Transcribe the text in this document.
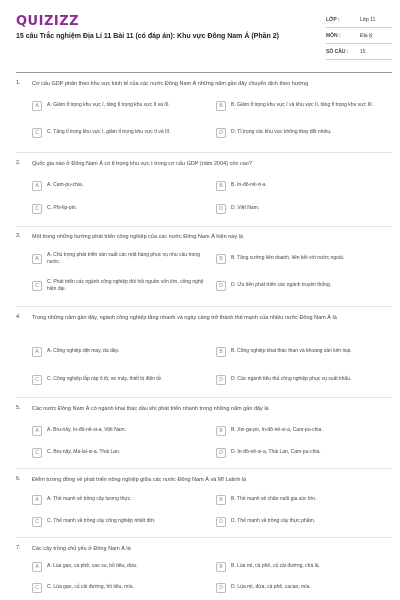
QUIZIZZ
15 câu Trắc nghiệm Địa Lí 11 Bài 11 (có đáp án): Khu vực Đông Nam Á (Phần 2)
LỚP :	Lớp 11
MÔN :	Địa lý
SỐ CÂU :	15
1. Cơ cấu GDP phân theo khu vực kinh tế của các nước Đông Nam Á những năm gần đây chuyển dịch theo hướng
A	A. Giảm tỉ trọng khu vực I, tăng tỉ trọng khu vực II và III.	B	B. Giảm tỉ trọng khu vực I và khu vực II, tăng tỉ trọng khu vực III.
C	C. Tăng tỉ trọng khu vực I, giảm tỉ trọng khu vực II và III.	D	D. Tỉ trọng các khu vực không thay đổi nhiều.
2. Quốc gia nào ở Đông Nam Á có tỉ trọng khu vực I trong cơ cấu GDP (năm 2004) còn cao?
A	A. Cam-pu-chia.	B	B. In-đô-nê-xi-a.
C	C. Phi-lip-pin.	D	D. Việt Nam.
3. Một trong những hướng phát triển công nghiệp của các nước Đông Nam Á hiện nay là
A
A. Chú trọng phát triển sản xuất các mặt hàng phục vụ nhu cầu trong nước.	B	B. Tăng cường liên doanh, liên kết với nước ngoài.
C
C. Phát triển các ngành công nghiệp đòi hỏi nguồn vốn lớn, công nghệ hiện đại.	D	D. Ưu tiên phát triển các ngành truyền thống.
4. Trong những năm gần đây, ngành công nghiệp tăng nhanh và ngày càng trở thành thế mạnh của nhiều nước Đông Nam Á là
A	A. Công nghiệp dệt may, da dày.	B	B. Công nghiệp khai thác than và khoáng sản kim loại.
C	C. Công nghiệp lắp ráp ô tô, xe máy, thiết bị điện tử.	D	D. Các ngành tiểu thủ công nghiệp phục vụ xuất khẩu.
5. Các nước Đông Nam Á có ngành khai thác dầu khí phát triển nhanh trong những năm gần đây là
A	A. Bru-nây, In-đô-nê-xi-a, Việt Nam.	B	B. Xin-ga-po, In-đô-nê-xi-a, Cam-pu-chia.
C	C. Bru-nây, Ma-lai-xi-a, Thái Lan.	D	D. In-đô-nê-xi-a, Thái Lan, Cam-pu-chia.
6. Điểm tương đồng về phát triển nông nghiệp giữa các nước Đông Nam Á và Mĩ Latinh là
A	A. Thế mạnh về trồng cây lương thực.	B	B. Thế mạnh về chăn nuôi gia súc lớn.
C	C. Thế mạnh về trồng cây công nghiệp nhiệt đới.	D	D. Thế mạnh về trồng cây thực phẩm.
7. Các cây trồng chủ yếu ở Đông Nam Á là
A	A. Lúa gạo, cà phê, cao su, hồ tiêu, dừa.	B	B. Lúa mì, cà phê, củ cải đường, chà là.
C	C. Lúa gạo, củ cải đường, hồ tiêu, mía.	D	D. Lúa mì, dừa, cà phê, cacao, mía.
